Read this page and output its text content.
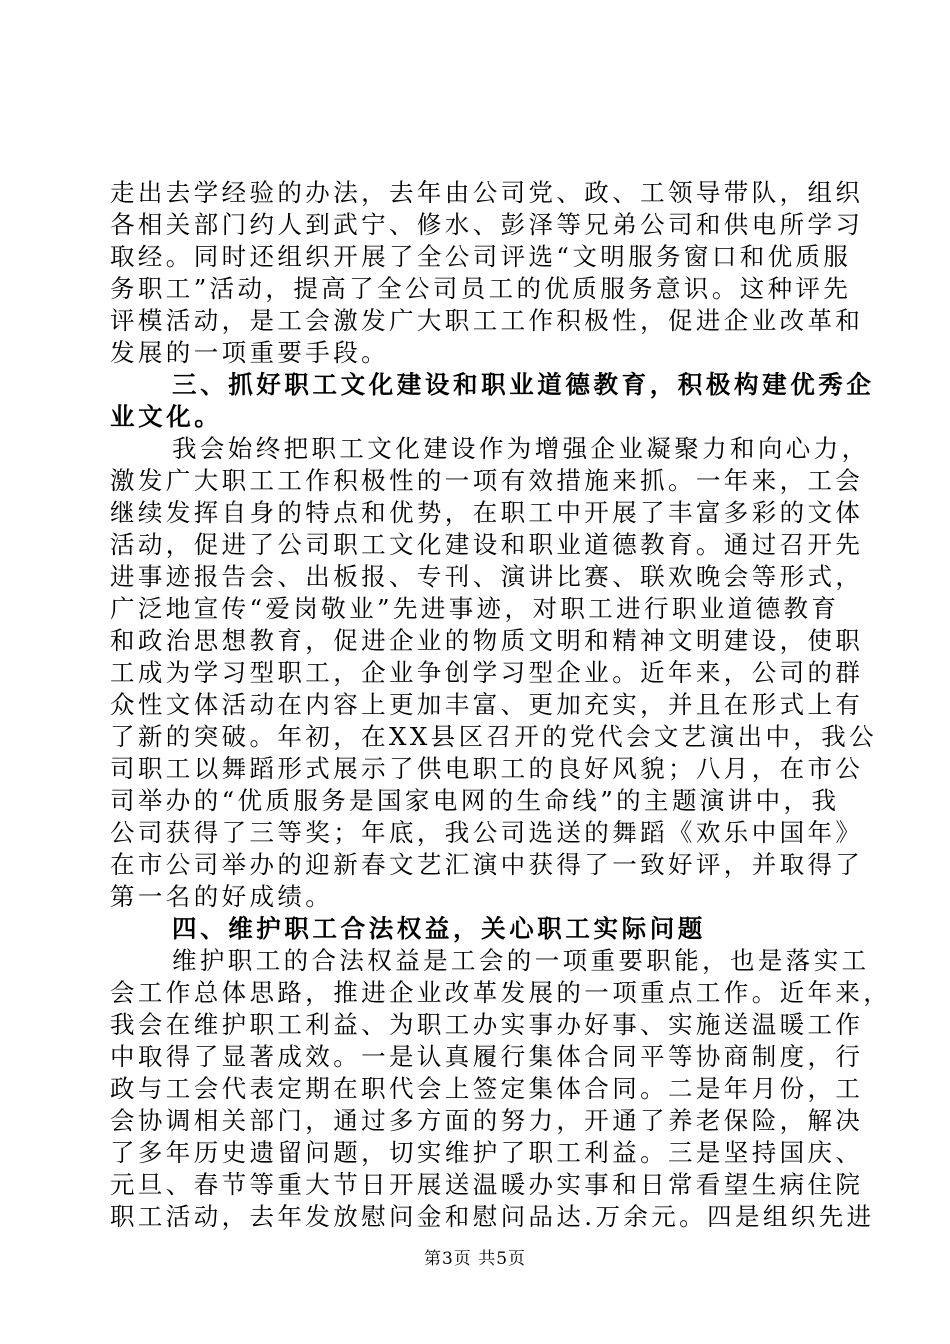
走出去学经验的办法，去年由公司党、政、工领导带队，组织
各相关部门约人到武宁、修水、彭泽等兄弟公司和供电所学习
取经。同时还组织开展了全公司评选“文明服务窗口和优质服
务职工”活动，提高了全公司员工的优质服务意识。这种评先
评模活动，是工会激发广大职工工作积极性，促进企业改革和
发展的一项重要手段。
三、抓好职工文化建设和职业道德教育，积极构建优秀企
业文化。
我会始终把职工文化建设作为增强企业凝聚力和向心力，
激发广大职工工作积极性的一项有效措施来抓。一年来，工会
继续发挥自身的特点和优势，在职工中开展了丰富多彩的文体
活动，促进了公司职工文化建设和职业道德教育。通过召开先
进事迹报告会、出板报、专刊、演讲比赛、联欢晚会等形式，
广泛地宣传“爱岗敬业”先进事迹，对职工进行职业道德教育
和政治思想教育，促进企业的物质文明和精神文明建设，使职
工成为学习型职工，企业争创学习型企业。近年来，公司的群
众性文体活动在内容上更加丰富、更加充实，并且在形式上有
了新的突破。年初，在XX县区召开的党代会文艺演出中，我公
司职工以舞蹈形式展示了供电职工的良好风貌；八月，在市公
司举办的“优质服务是国家电网的生命线”的主题演讲中，我
公司获得了三等奖；年底，我公司选送的舞蹈《欢乐中国年》
在市公司举办的迎新春文艺汇演中获得了一致好评，并取得了
第一名的好成绩。
四、维护职工合法权益，关心职工实际问题
维护职工的合法权益是工会的一项重要职能，也是落实工
会工作总体思路，推进企业改革发展的一项重点工作。近年来，
我会在维护职工利益、为职工办实事办好事、实施送温暖工作
中取得了显著成效。一是认真履行集体合同平等协商制度，行
政与工会代表定期在职代会上签定集体合同。二是年月份，工
会协调相关部门，通过多方面的努力，开通了养老保险，解决
了多年历史遗留问题，切实维护了职工利益。三是坚持国庆、
元旦、春节等重大节日开展送温暖办实事和日常看望生病住院
职工活动，去年发放慰问金和慰问品达.万余元。四是组织先进
第3页 共5页
